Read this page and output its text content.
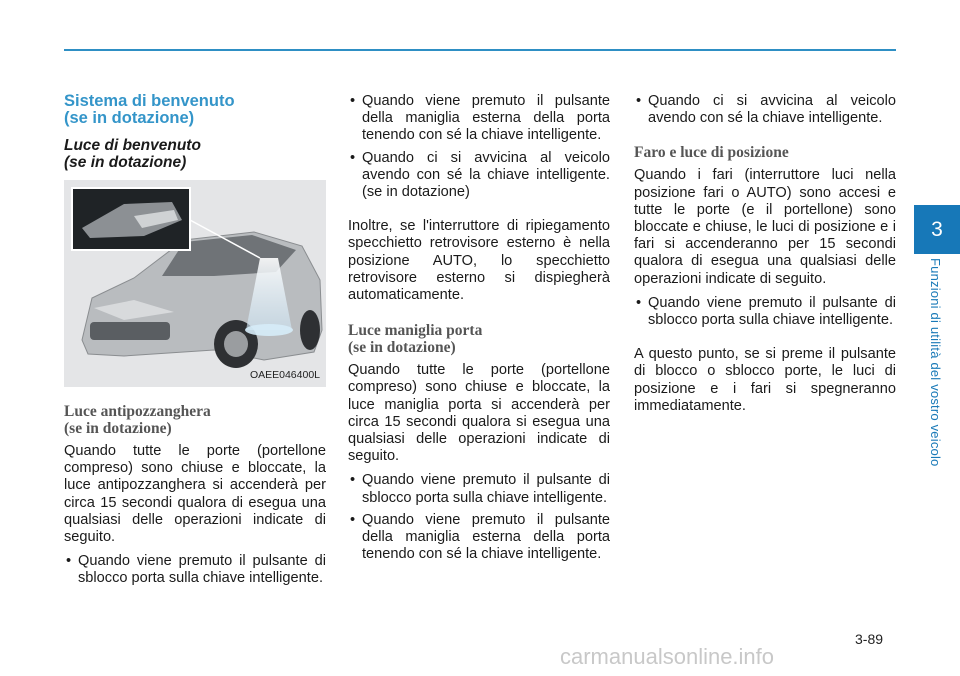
3
Funzioni di utilità del vostro veicolo
Sistema di benvenuto
(se in dotazione)
Luce di benvenuto
(se in dotazione)
OAEE046400L
Luce antipozzanghera
(se in dotazione)

Quando tutte le porte (portellone compreso) sono chiuse e bloccate, la luce antipozzanghera si accenderà per circa 15 secondi qualora di esegua una qualsiasi delle operazioni indicate di seguito.

• Quando viene premuto il pulsante di sblocco porta sulla chiave intelligente.
• Quando viene premuto il pulsante della maniglia esterna della porta tenendo con sé la chiave intelligente.
• Quando ci si avvicina al veicolo avendo con sé la chiave intelligente. (se in dotazione)

Inoltre, se l'interruttore di ripiegamento specchietto retrovisore esterno è nella posizione AUTO, lo specchietto retrovisore esterno si dispiegherà automaticamente.

Luce maniglia porta
(se in dotazione)

Quando tutte le porte (portellone compreso) sono chiuse e bloccate, la luce maniglia porta si accenderà per circa 15 secondi qualora si esegua una qualsiasi delle operazioni indicate di seguito.

• Quando viene premuto il pulsante di sblocco porta sulla chiave intelligente.
• Quando viene premuto il pulsante della maniglia esterna della porta tenendo con sé la chiave intelligente.
• Quando ci si avvicina al veicolo avendo con sé la chiave intelligente.
Faro e luce di posizione

Quando i fari (interruttore luci nella posizione fari o AUTO) sono accesi e tutte le porte (e il portellone) sono bloccate e chiuse, le luci di posizione e i fari si accenderanno per 15 secondi qualora di esegua una qualsiasi delle operazioni indicate di seguito.

• Quando viene premuto il pulsante di sblocco porta sulla chiave intelligente.

A questo punto, se si preme il pulsante di blocco o sblocco porte, le luci di posizione e i fari si spegneranno immediatamente.

3-89
carmanualsonline.info
